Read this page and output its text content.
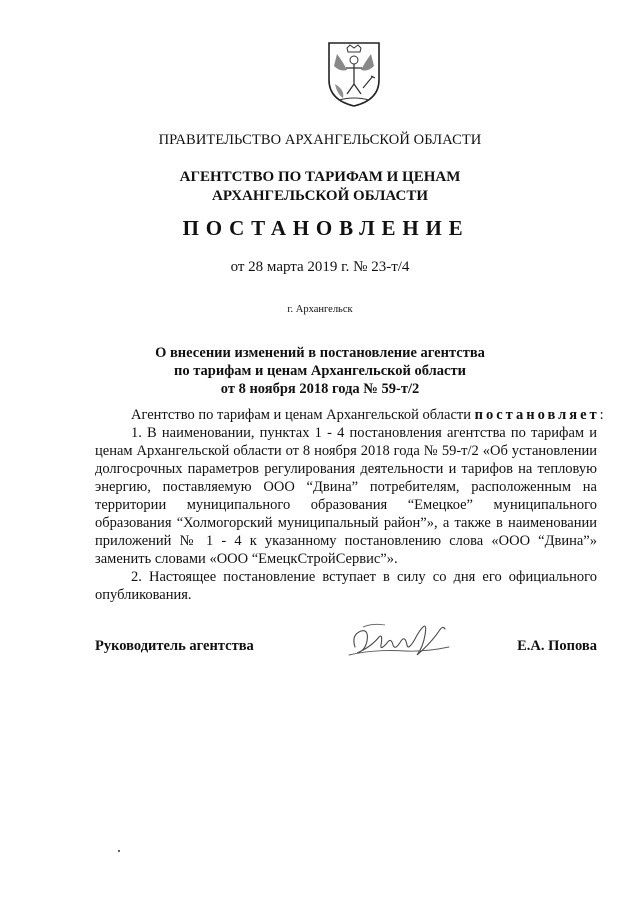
ПРАВИТЕЛЬСТВО АРХАНГЕЛЬСКОЙ ОБЛАСТИ
АГЕНТСТВО ПО ТАРИФАМ И ЦЕНАМ
АРХАНГЕЛЬСКОЙ ОБЛАСТИ
ПОСТАНОВЛЕНИЕ
от 28 марта 2019 г. № 23-т/4
г. Архангельск
О внесении изменений в постановление агентства
по тарифам и ценам Архангельской области
от 8 ноября 2018 года № 59-т/2

Агентство по тарифам и ценам Архангельской области постановляет:

1. В наименовании, пунктах 1 - 4 постановления агентства по тарифам и ценам Архангельской области от 8 ноября 2018 года № 59-т/2 «Об установлении долгосрочных параметров регулирования деятельности и тарифов на тепловую энергию, поставляемую ООО “Двина” потребителям, расположенным на территории муниципального образования “Емецкое” муниципального образования “Холмогорский муниципальный район”», а также в наименовании приложений № 1 - 4 к указанному постановлению слова «ООО “Двина”» заменить словами «ООО “ЕмецкСтройСервис”».

2. Настоящее постановление вступает в силу со дня его официального опубликования.

Руководитель агентства	Е.А. Попова
